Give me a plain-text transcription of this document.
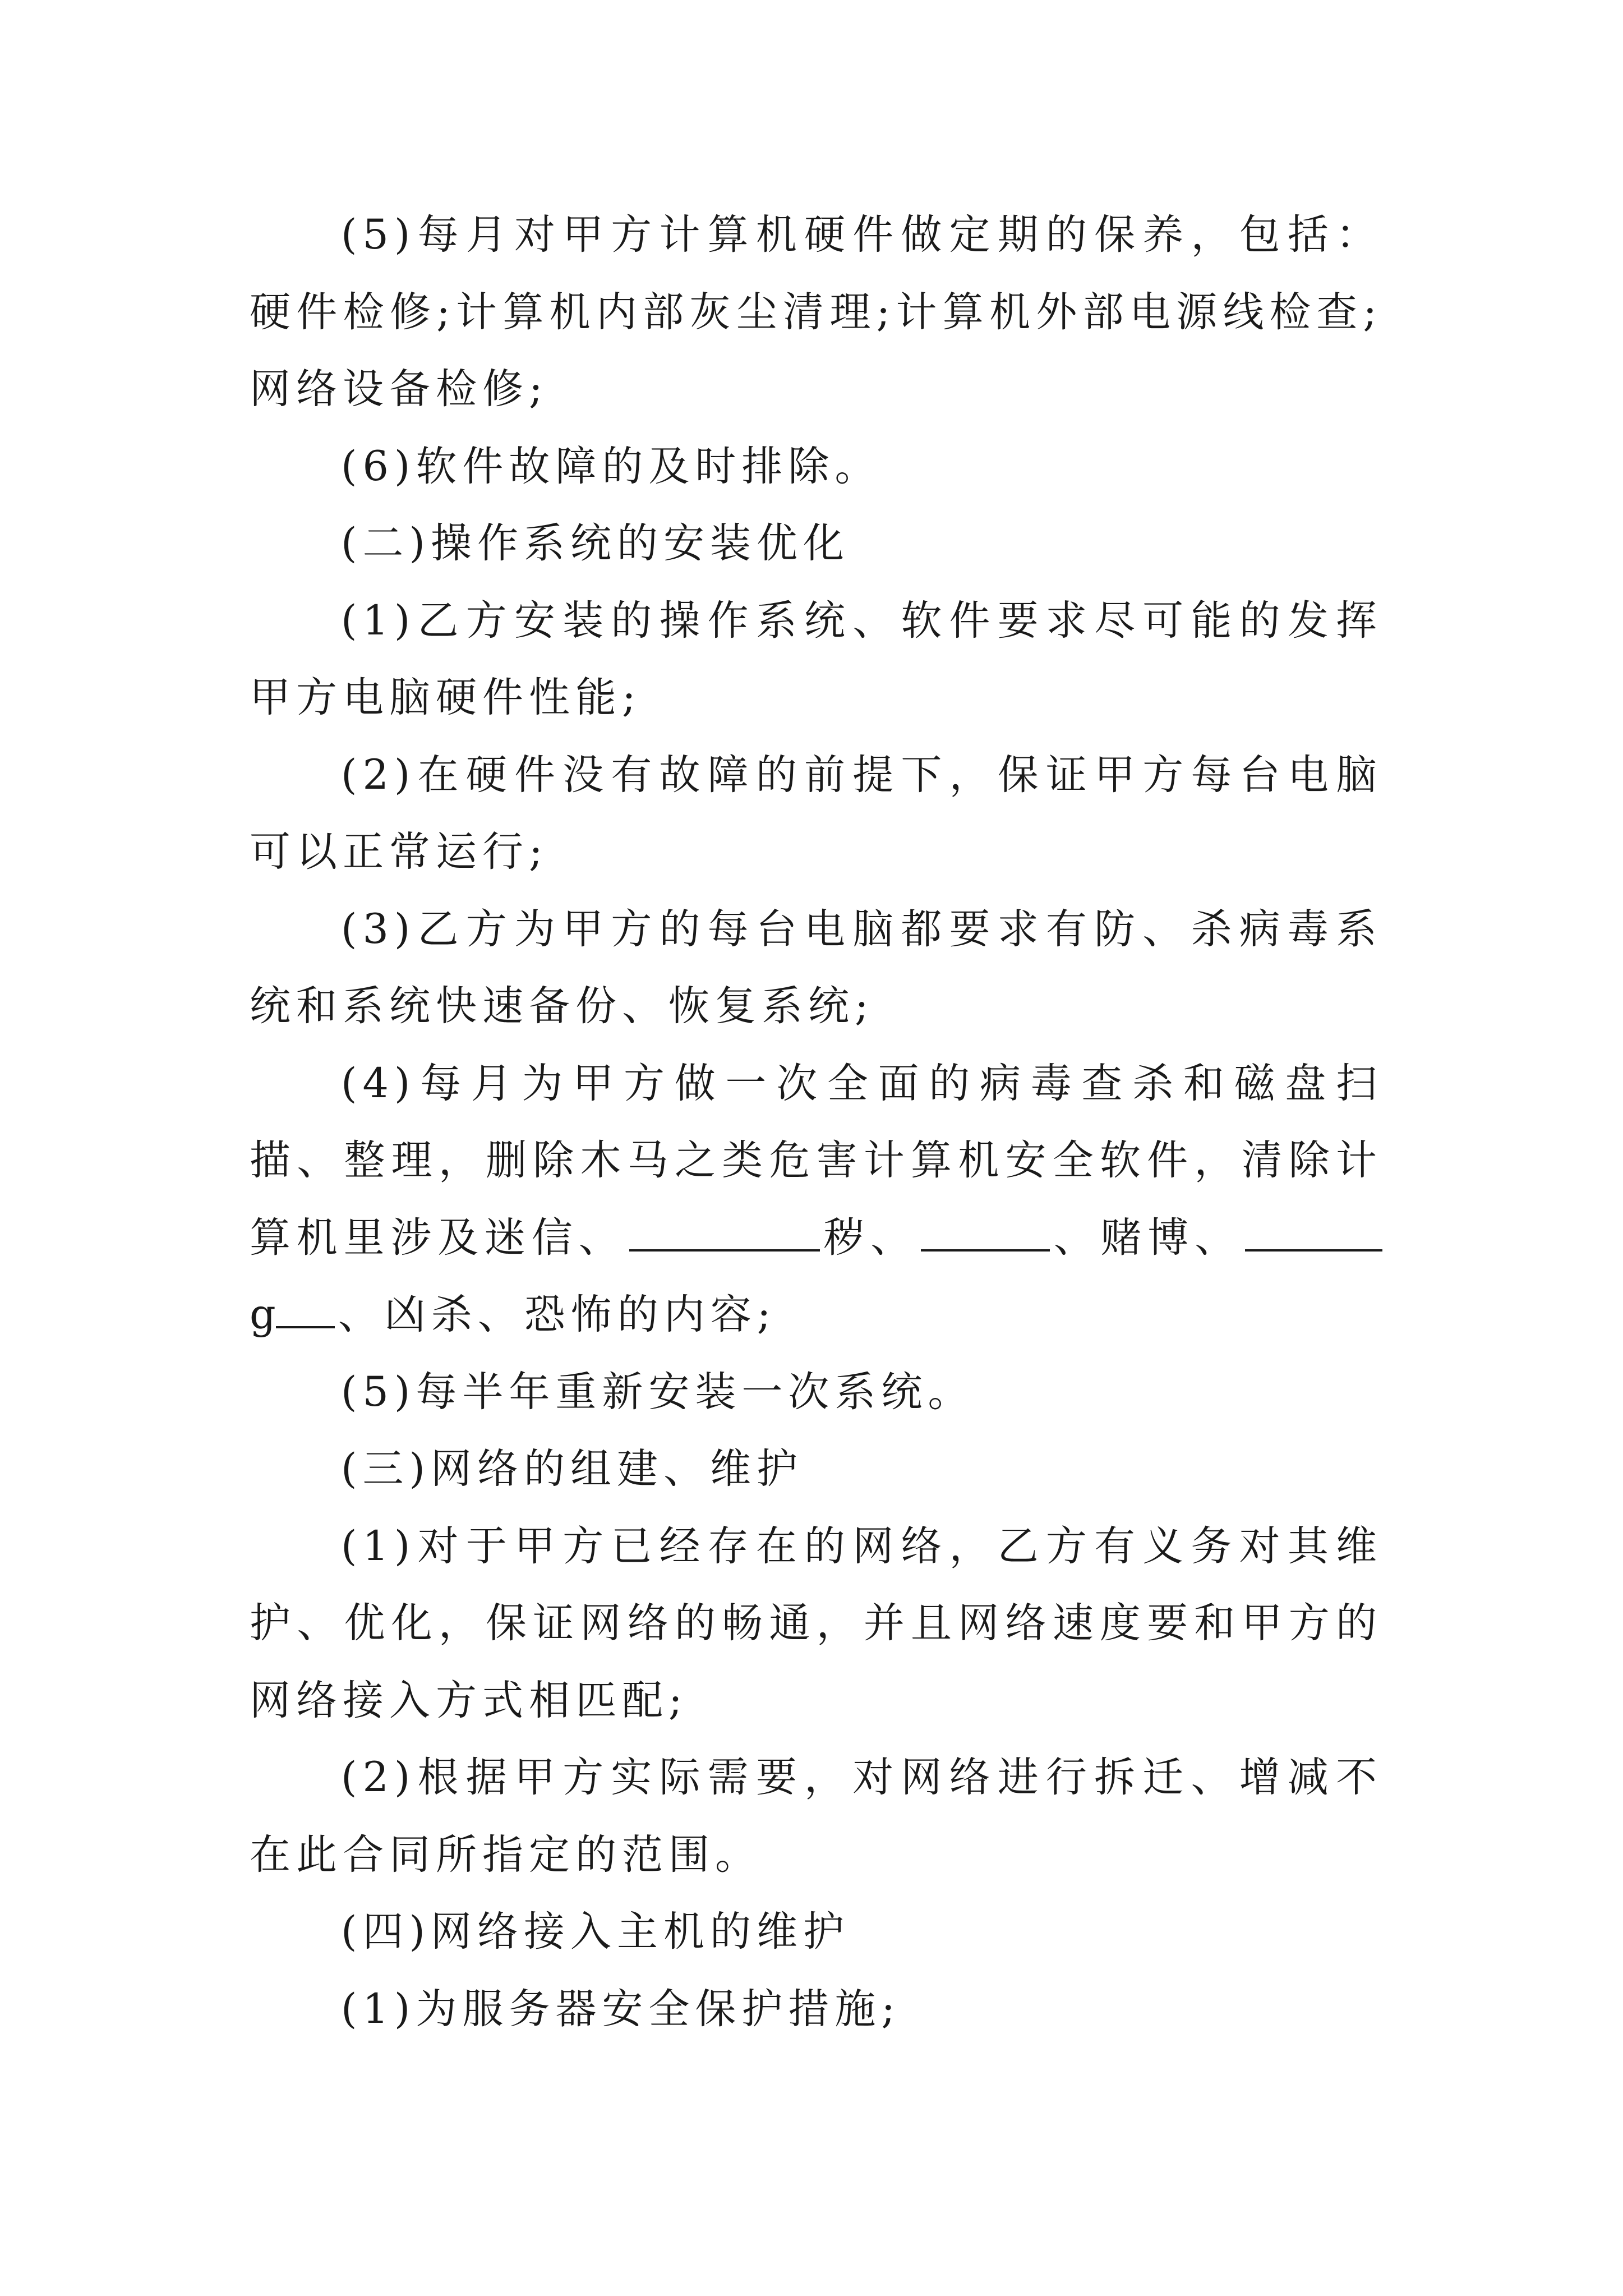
(5)每月对甲方计算机硬件做定期的保养，包括：硬件检修;计算机内部灰尘清理;计算机外部电源线检查;网络设备检修;

(6)软件故障的及时排除。

(二)操作系统的安装优化

(1)乙方安装的操作系统、软件要求尽可能的发挥甲方电脑硬件性能;

(2)在硬件没有故障的前提下，保证甲方每台电脑可以正常运行;

(3)乙方为甲方的每台电脑都要求有防、杀病毒系统和系统快速备份、恢复系统;

(4)每月为甲方做一次全面的病毒查杀和磁盘扫描、整理，删除木马之类危害计算机安全软件，清除计算机里涉及迷信、	秽、	、赌博、g 、凶杀、恐怖的内容;

(5)每半年重新安装一次系统。

(三)网络的组建、维护

(1)对于甲方已经存在的网络，乙方有义务对其维护、优化，保证网络的畅通，并且网络速度要和甲方的网络接入方式相匹配;

(2)根据甲方实际需要，对网络进行拆迁、增减不在此合同所指定的范围。

(四)网络接入主机的维护

(1)为服务器安全保护措施;
